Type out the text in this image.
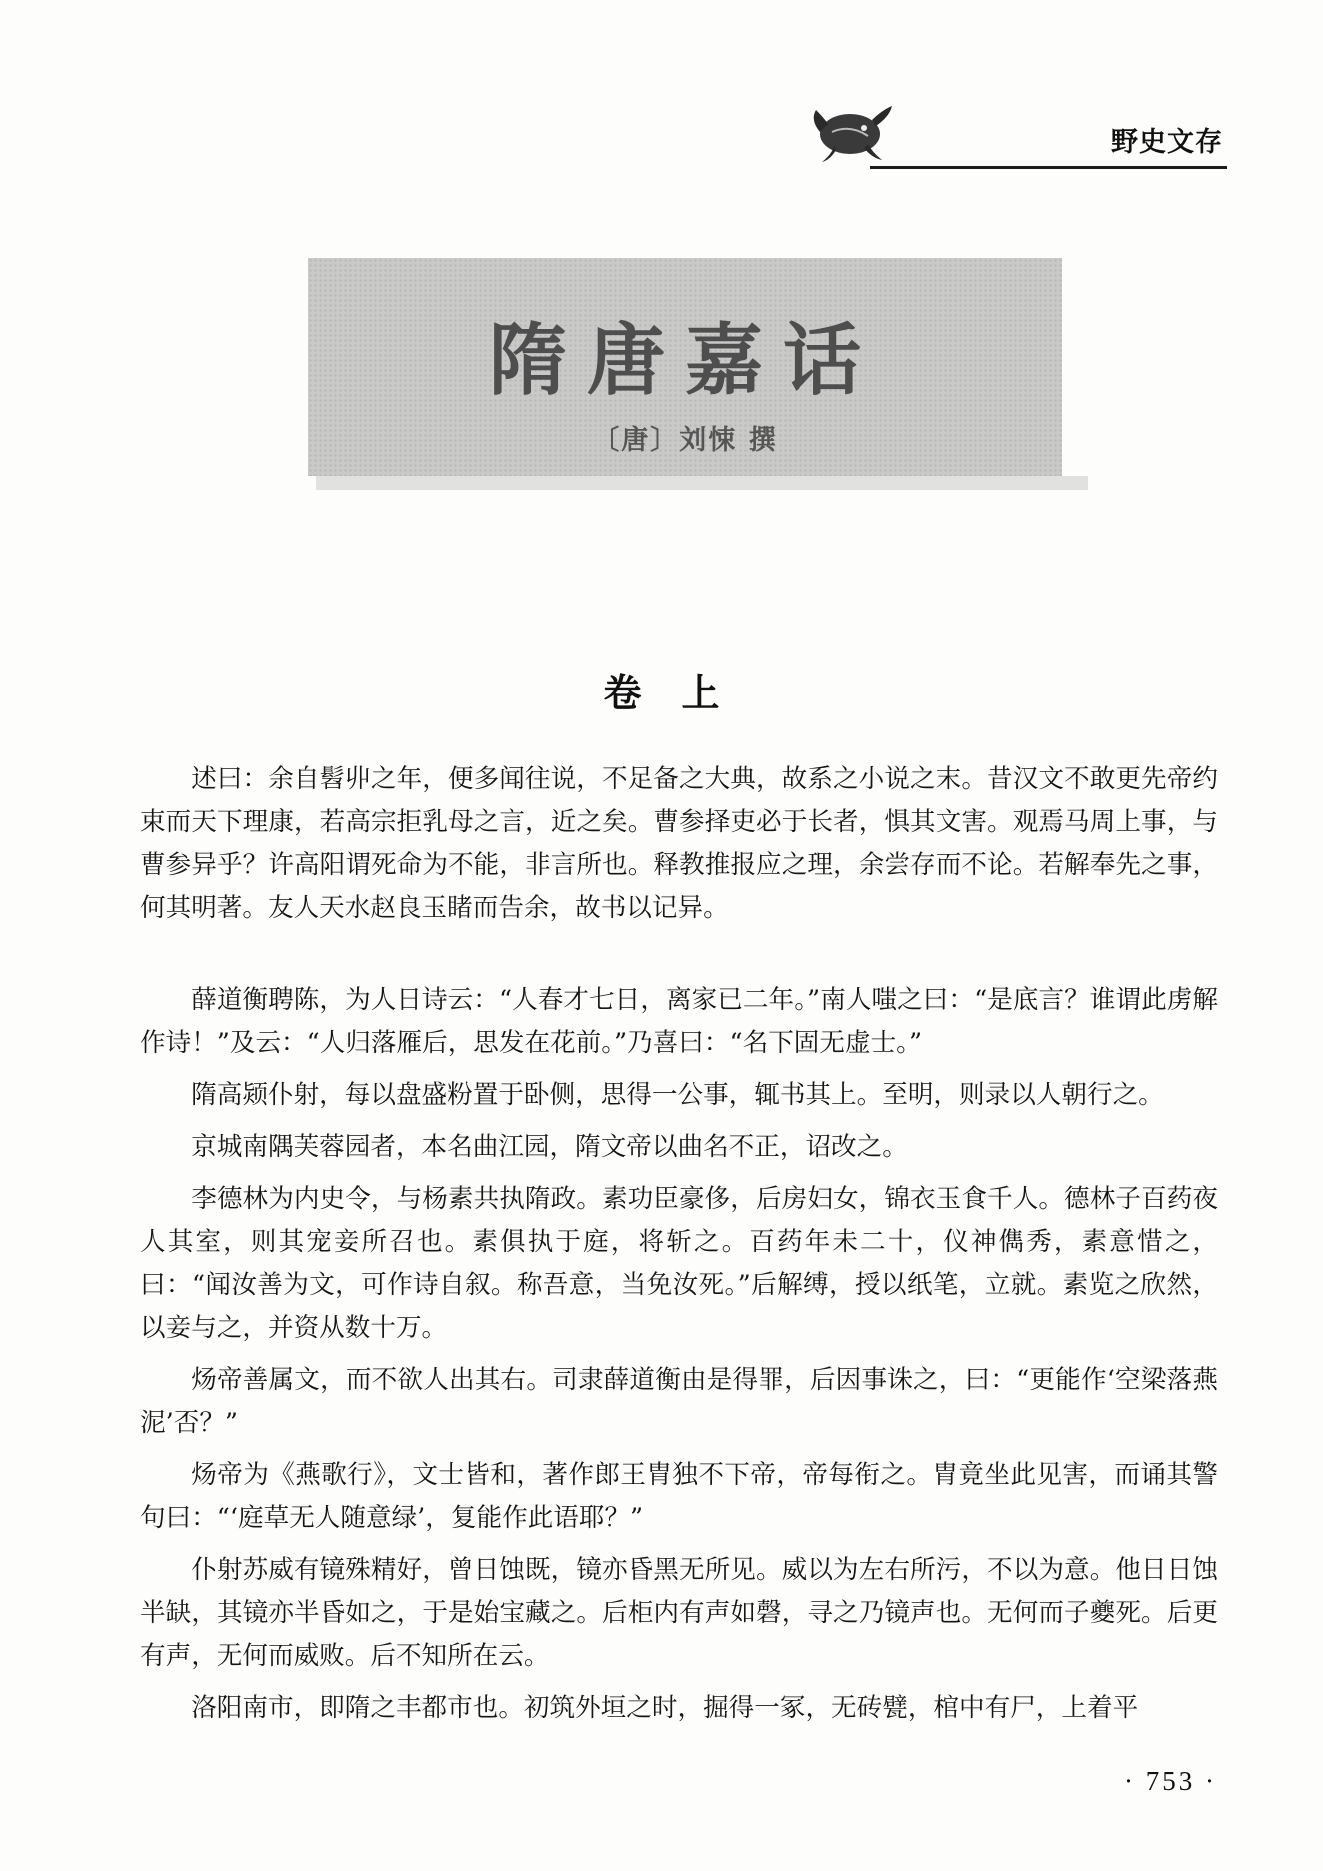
野史文存
隋唐嘉话
〔唐〕刘悚 撰
卷上

述曰：余自髫丱之年，便多闻往说，不足备之大典，故系之小说之末。昔汉文不敢更先帝约束而天下理康，若高宗拒乳母之言，近之矣。曹参择吏必于长者，惧其文害。观焉马周上事，与曹参异乎？许高阳谓死命为不能，非言所也。释教推报应之理，余尝存而不论。若解奉先之事，何其明著。友人天水赵良玉睹而告余，故书以记异。

薛道衡聘陈，为人日诗云：“人春才七日，离家已二年。”南人嗤之曰：“是底言？谁谓此虏解作诗！”及云：“人归落雁后，思发在花前。”乃喜曰：“名下固无虚士。”

隋高颎仆射，每以盘盛粉置于卧侧，思得一公事，辄书其上。至明，则录以人朝行之。

京城南隅芙蓉园者，本名曲江园，隋文帝以曲名不正，诏改之。

李德林为内史令，与杨素共执隋政。素功臣豪侈，后房妇女，锦衣玉食千人。德林子百药夜人其室，则其宠妾所召也。素俱执于庭，将斩之。百药年未二十，仪神儁秀，素意惜之，曰：“闻汝善为文，可作诗自叙。称吾意，当免汝死。”后解缚，授以纸笔，立就。素览之欣然，以妾与之，并资从数十万。

炀帝善属文，而不欲人出其右。司隶薛道衡由是得罪，后因事诛之，曰：“更能作‘空梁落燕泥’否？”

炀帝为《燕歌行》，文士皆和，著作郎王胄独不下帝，帝每衔之。胄竟坐此见害，而诵其警句曰：“‘庭草无人随意绿’，复能作此语耶？”

仆射苏威有镜殊精好，曾日蚀既，镜亦昏黑无所见。威以为左右所污，不以为意。他日日蚀半缺，其镜亦半昏如之，于是始宝藏之。后柜内有声如磬，寻之乃镜声也。无何而子夔死。后更有声，无何而威败。后不知所在云。

洛阳南市，即隋之丰都市也。初筑外垣之时，掘得一冢，无砖甓，棺中有尸，上着平

· 753 ·
